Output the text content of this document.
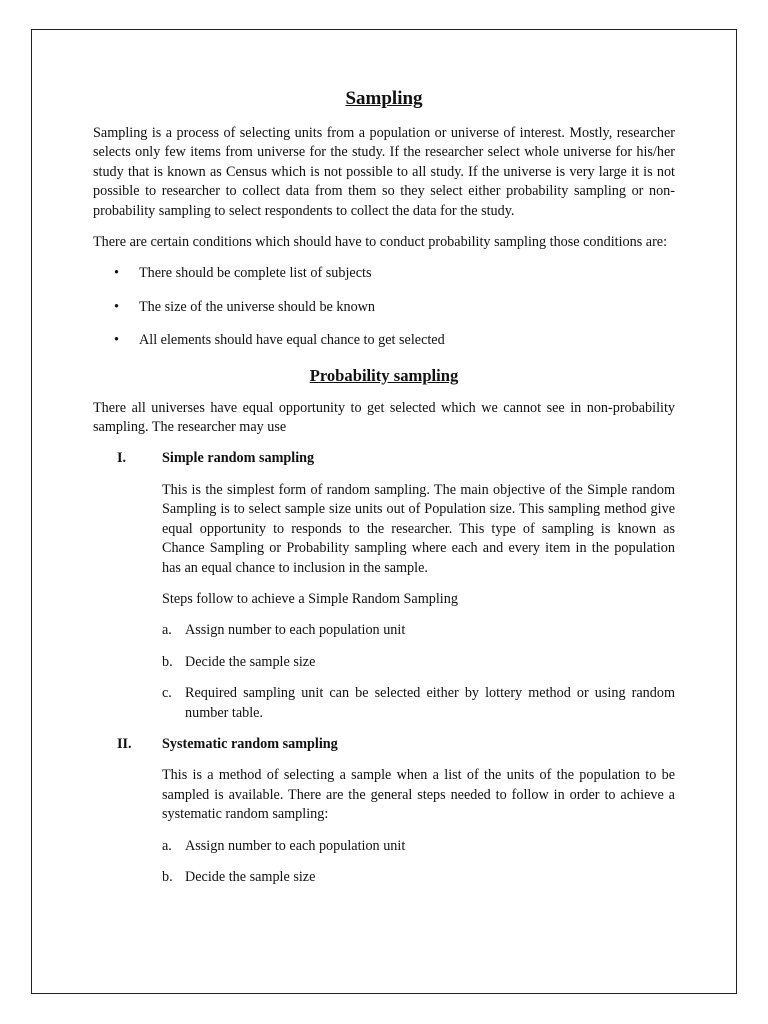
Sampling

Sampling is a process of selecting units from a population or universe of interest. Mostly, researcher selects only few items from universe for the study. If the researcher select whole universe for his/her study that is known as Census which is not possible to all study. If the universe is very large it is not possible to researcher to collect data from them so they select either probability sampling or non-probability sampling to select respondents to collect the data for the study.

There are certain conditions which should have to conduct probability sampling those conditions are:

• There should be complete list of subjects
• The size of the universe should be known
• All elements should have equal chance to get selected
Probability sampling

There all universes have equal opportunity to get selected which we cannot see in non-probability sampling. The researcher may use

I.	Simple random sampling

This is the simplest form of random sampling. The main objective of the Simple random Sampling is to select sample size units out of Population size. This sampling method give equal opportunity to responds to the researcher. This type of sampling is known as Chance Sampling or Probability sampling where each and every item in the population has an equal chance to inclusion in the sample.

Steps follow to achieve a Simple Random Sampling

a. Assign number to each population unit
b. Decide the sample size
c. Required sampling unit can be selected either by lottery method or using random number table.
II. Systematic random sampling

This is a method of selecting a sample when a list of the units of the population to be sampled is available. There are the general steps needed to follow in order to achieve a systematic random sampling:

a. Assign number to each population unit
b. Decide the sample size
